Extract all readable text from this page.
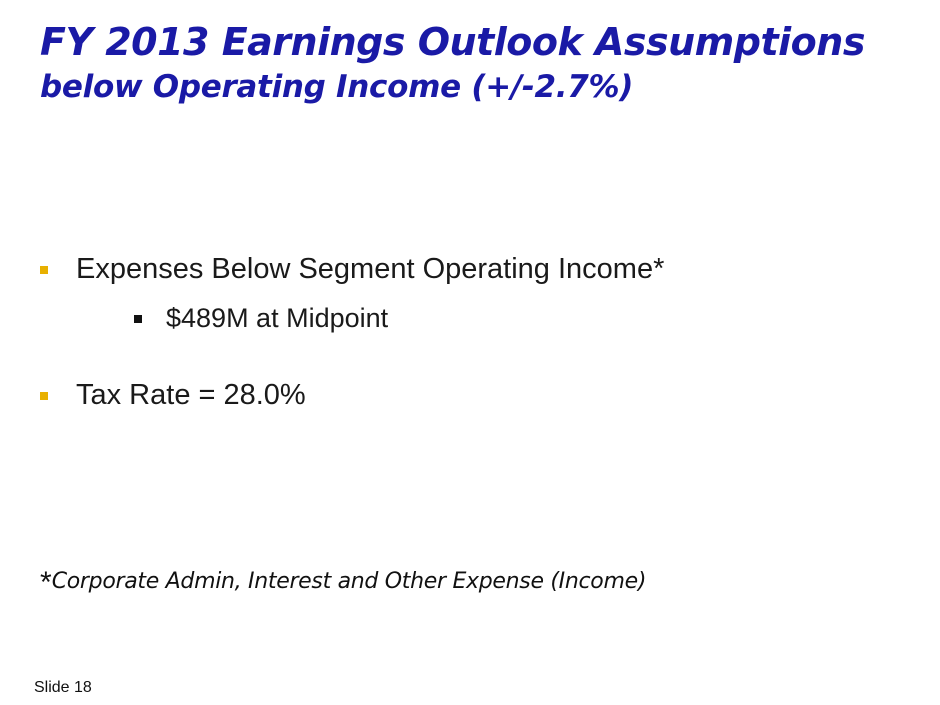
FY 2013 Earnings Outlook Assumptions
below Operating Income (+/-2.7%)
Expenses Below Segment Operating Income*
$489M at Midpoint
Tax Rate = 28.0%
*Corporate Admin, Interest and Other Expense (Income)
Slide 18
